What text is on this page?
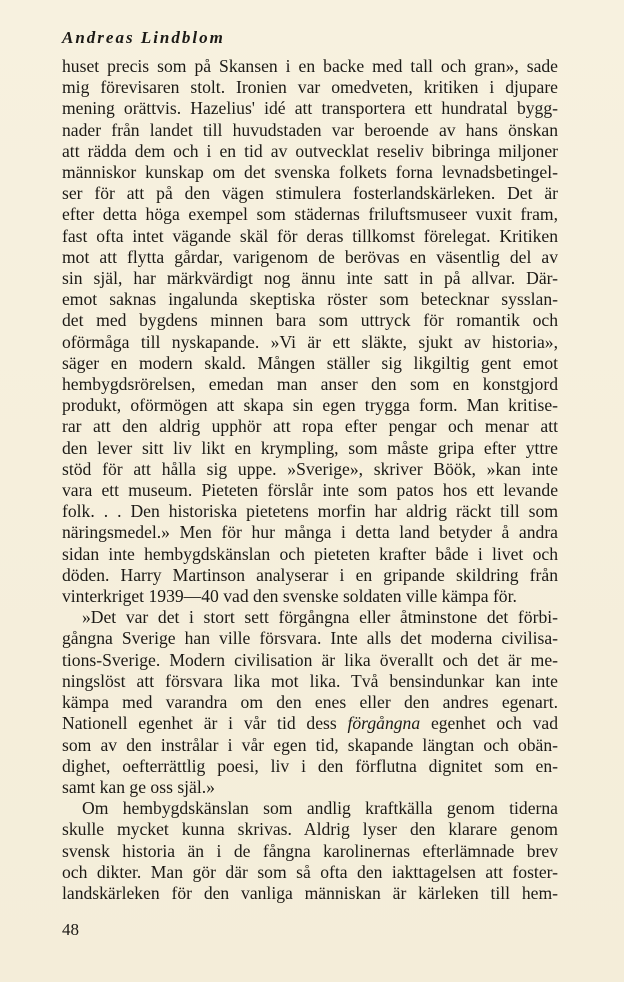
Andreas Lindblom
huset precis som på Skansen i en backe med tall och gran», sade
mig förevisaren stolt. Ironien var omedveten, kritiken i djupare
mening orättvis. Hazelius' idé att transportera ett hundratal bygg-
nader från landet till huvudstaden var beroende av hans önskan
att rädda dem och i en tid av outvecklat reseliv bibringa miljoner
människor kunskap om det svenska folkets forna levnadsbetingel-
ser för att på den vägen stimulera fosterlandskärleken. Det är
efter detta höga exempel som städernas friluftsmuseer vuxit fram,
fast ofta intet vägande skäl för deras tillkomst förelegat. Kritiken
mot att flytta gårdar, varigenom de berövas en väsentlig del av
sin själ, har märkvärdigt nog ännu inte satt in på allvar. Där-
emot saknas ingalunda skeptiska röster som betecknar sysslan-
det med bygdens minnen bara som uttryck för romantik och
oförmåga till nyskapande. »Vi är ett släkte, sjukt av historia»,
säger en modern skald. Mången ställer sig likgiltig gent emot
hembygdsrörelsen, emedan man anser den som en konstgjord
produkt, oförmögen att skapa sin egen trygga form. Man kritise-
rar att den aldrig upphör att ropa efter pengar och menar att
den lever sitt liv likt en krympling, som måste gripa efter yttre
stöd för att hålla sig uppe. »Sverige», skriver Böök, »kan inte
vara ett museum. Pieteten förslår inte som patos hos ett levande
folk. . . Den historiska pietetens morfin har aldrig räckt till som
näringsmedel.» Men för hur många i detta land betyder å andra
sidan inte hembygdskänslan och pieteten krafter både i livet och
döden. Harry Martinson analyserar i en gripande skildring från
vinterkriget 1939—40 vad den svenske soldaten ville kämpa för.
»Det var det i stort sett förgångna eller åtminstone det förbi-
gångna Sverige han ville försvara. Inte alls det moderna civilisa-
tions-Sverige. Modern civilisation är lika överallt och det är me-
ningslöst att försvara lika mot lika. Två bensindunkar kan inte
kämpa med varandra om den enes eller den andres egenart.
Nationell egenhet är i vår tid dess förgångna egenhet och vad
som av den instrålar i vår egen tid, skapande längtan och obän-
dighet, oefterrättlig poesi, liv i den förflutna dignitet som en-
samt kan ge oss själ.»
Om hembygdskänslan som andlig kraftkälla genom tiderna
skulle mycket kunna skrivas. Aldrig lyser den klarare genom
svensk historia än i de fångna karolinernas efterlämnade brev
och dikter. Man gör där som så ofta den iakttagelsen att foster-
landskärleken för den vanliga människan är kärleken till hem-
48
